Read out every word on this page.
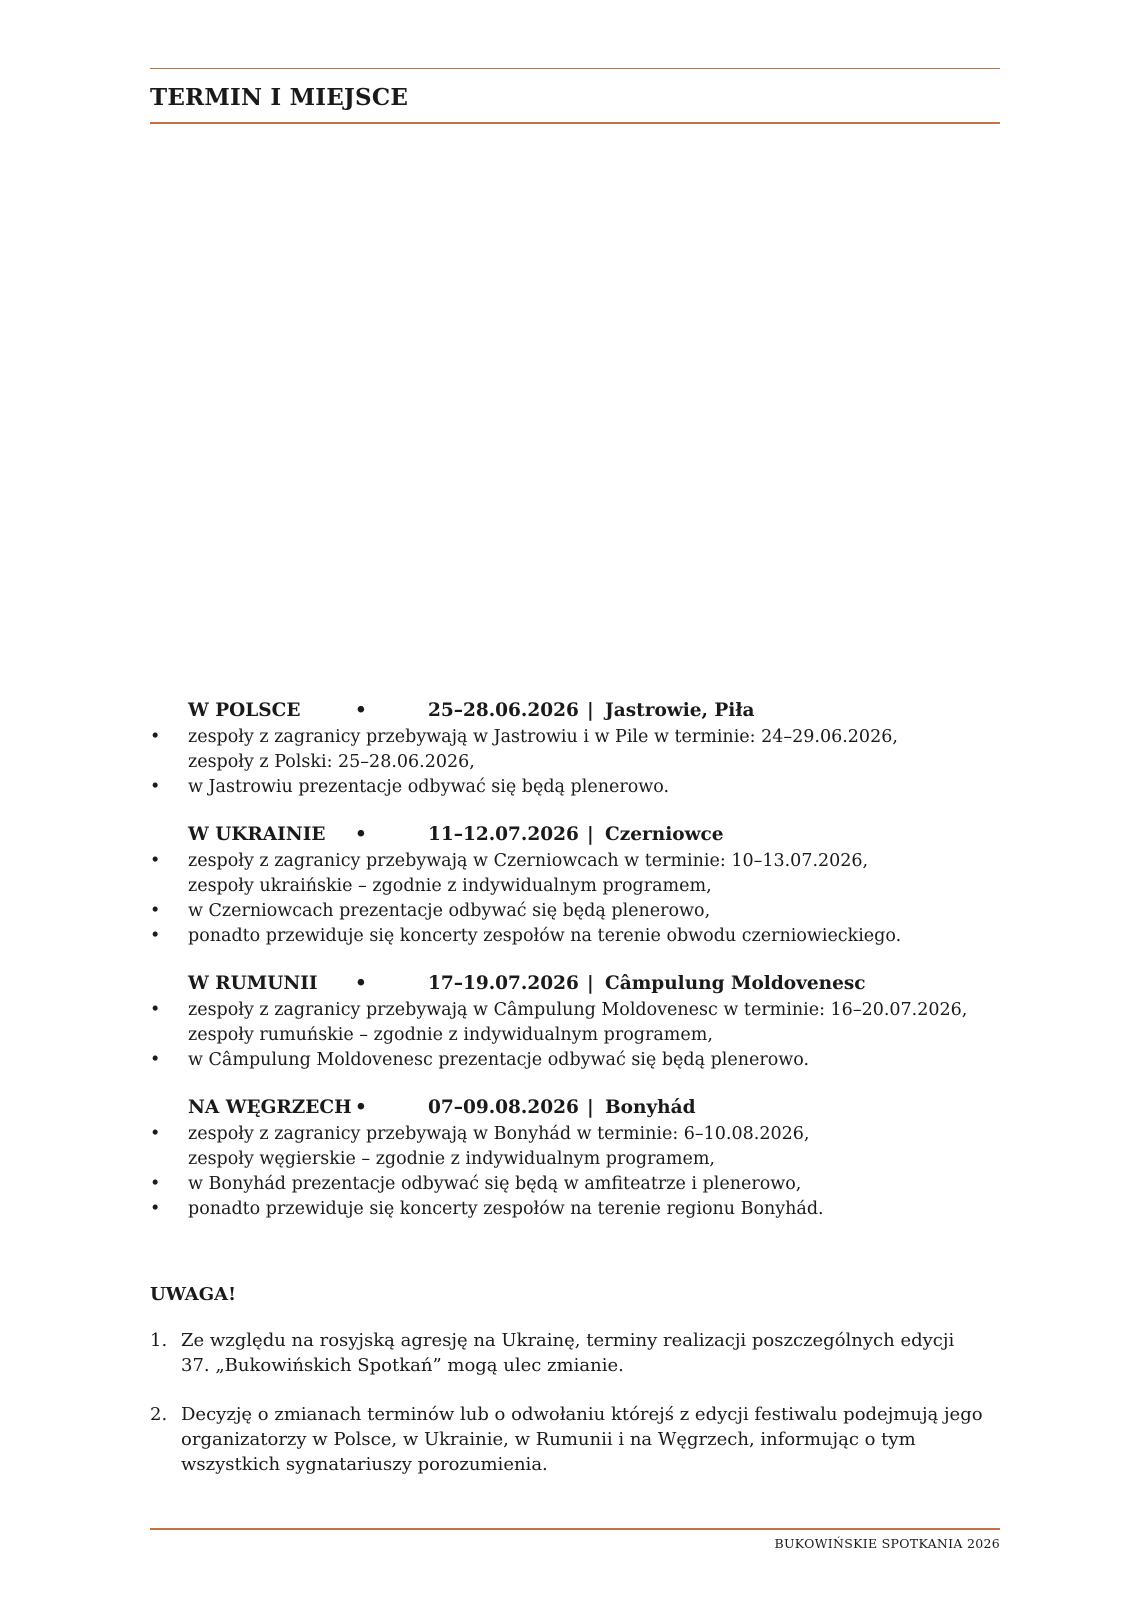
TERMIN I MIEJSCE
W POLSCE	•	25–28.06.2026 | Jastrowie, Piła
• zespoły z zagranicy przebywają w Jastrowiu i w Pile w terminie: 24–29.06.2026,
zespoły z Polski: 25–28.06.2026,
• w Jastrowiu prezentacje odbywać się będą plenerowo.
W UKRAINIE •	11–12.07.2026 | Czerniowce
• zespoły z zagranicy przebywają w Czerniowcach w terminie: 10–13.07.2026,
zespoły ukraińskie – zgodnie z indywidualnym programem,
• w Czerniowcach prezentacje odbywać się będą plenerowo,
• ponadto przewiduje się koncerty zespołów na terenie obwodu czerniowieckiego.
W RUMUNII •	17–19.07.2026 | Câmpulung Moldovenesc
• zespoły z zagranicy przebywają w Câmpulung Moldovenesc w terminie: 16–20.07.2026,
zespoły rumuńskie – zgodnie z indywidualnym programem,
• w Câmpulung Moldovenesc prezentacje odbywać się będą plenerowo.
NA WĘGRZECH •	07–09.08.2026 | Bonyhád
• zespoły z zagranicy przebywają w Bonyhád w terminie: 6–10.08.2026,
zespoły węgierskie – zgodnie z indywidualnym programem,
• w Bonyhád prezentacje odbywać się będą w amfiteatrze i plenerowo,
• ponadto przewiduje się koncerty zespołów na terenie regionu Bonyhád.
UWAGA!
1. Ze względu na rosyjską agresję na Ukrainę, terminy realizacji poszczególnych edycji
37. „Bukowińskich Spotkań” mogą ulec zmianie.
2. Decyzję o zmianach terminów lub o odwołaniu którejś z edycji festiwalu podejmują jego
organizatorzy w Polsce, w Ukrainie, w Rumunii i na Węgrzech, informując o tym
wszystkich sygnatariuszy porozumienia.
BUKOWIŃSKIE SPOTKANIA 2026
